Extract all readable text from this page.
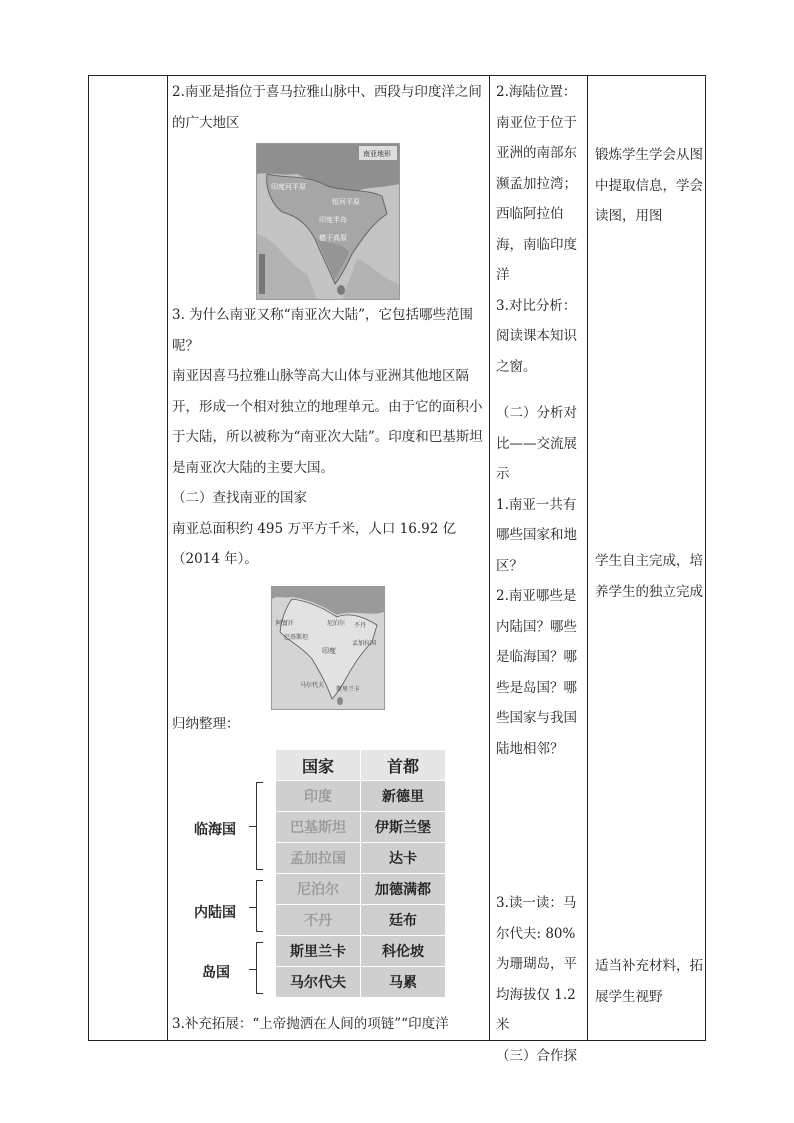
2.南亚是指位于喜马拉雅山脉中、西段与印度洋之间的广大地区

3. 为什么南亚又称“南亚次大陆”，它包括哪些范围呢？

南亚因喜马拉雅山脉等高大山体与亚洲其他地区隔开，形成一个相对独立的地理单元。由于它的面积小于大陆，所以被称为“南亚次大陆”。印度和巴基斯坦是南亚次大陆的主要大国。

（二）查找南亚的国家

南亚总面积约 495 万平方千米，人口 16.92 亿（2014 年）。

归纳整理：

3.补充拓展：“上帝抛洒在人间的项链”“印度洋

南亚地形
印度河平原
恒河平原
印度半岛
德干高原
阿富汗
巴基斯坦
印度
尼泊尔 不丹
孟加拉国
斯里兰卡
马尔代夫
国家	首都
印度	新德里
巴基斯坦	伊斯兰堡
孟加拉国	达卡
尼泊尔	加德满都
不丹	廷布
斯里兰卡	科伦坡
马尔代夫	马累
临海国
内陆国
岛国

2.海陆位置：南亚位于位于亚洲的南部东濒孟加拉湾；西临阿拉伯海，南临印度洋

3.对比分析：阅读课本知识之窗。

（二）分析对比——交流展示

1.南亚一共有哪些国家和地区？

2.南亚哪些是内陆国？哪些是临海国？哪些是岛国？哪些国家与我国陆地相邻？

3.读一读：马尔代夫: 80%为珊瑚岛，平均海拔仅 1.2 米

（三）合作探

锻炼学生学会从图中提取信息，学会读图，用图

学生自主完成，培养学生的独立完成

适当补充材料，拓展学生视野
